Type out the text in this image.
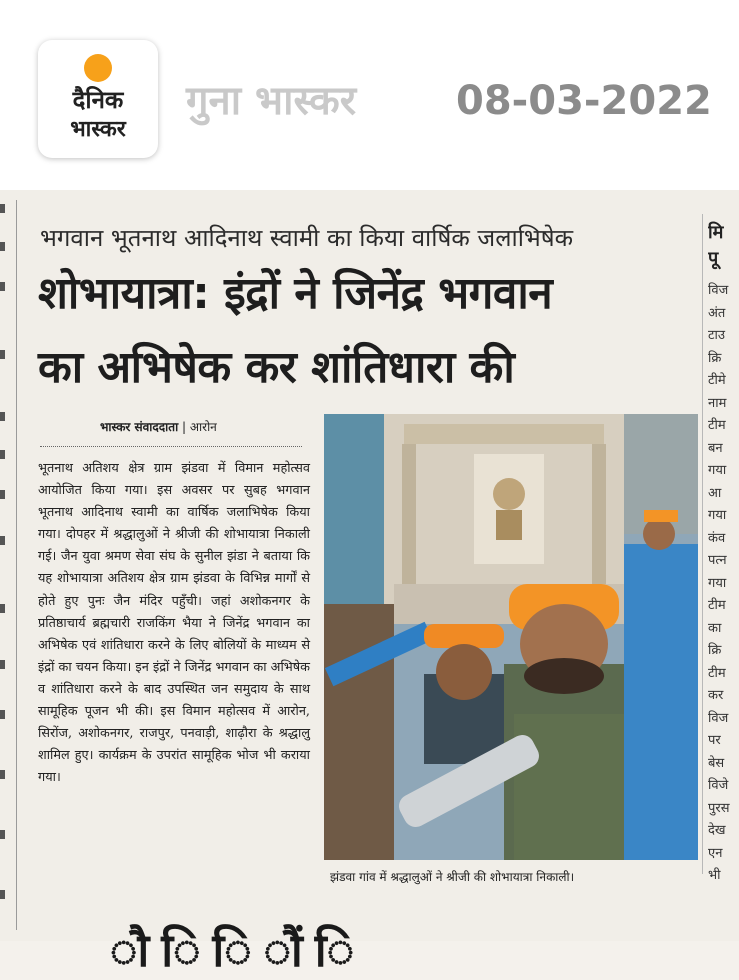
दैनिक
भास्कर
गुना भास्कर 08-03-2022
भगवान भूतनाथ आदिनाथ स्वामी का किया वार्षिक जलाभिषेक
शोभायात्रा: इंद्रों ने जिनेंद्र भगवान
का अभिषेक कर शांतिधारा की
भास्कर संवाददाता | आरोन
भूतनाथ अतिशय क्षेत्र ग्राम झंडवा में विमान महोत्सव आयोजित किया गया। इस अवसर पर सुबह भगवान भूतनाथ आदिनाथ स्वामी का वार्षिक जलाभिषेक किया गया। दोपहर में श्रद्धालुओं ने श्रीजी की शोभायात्रा निकाली गई। जैन युवा श्रमण सेवा संघ के सुनील झंडा ने बताया कि यह शोभायात्रा अतिशय क्षेत्र ग्राम झंडवा के विभिन्न मार्गों से होते हुए पुनः जैन मंदिर पहुँची। जहां अशोकनगर के प्रतिष्ठाचार्य ब्रह्मचारी राजकिंग भैया ने जिनेंद्र भगवान का अभिषेक एवं शांतिधारा करने के लिए बोलियों के माध्यम से इंद्रों का चयन किया। इन इंद्रों ने जिनेंद्र भगवान का अभिषेक व शांतिधारा करने के बाद उपस्थित जन समुदाय के साथ सामूहिक पूजन भी की। इस विमान महोत्सव में आरोन, सिरोंज, अशोकनगर, राजपुर, पनवाड़ी, शाढ़ौरा के श्रद्धालु शामिल हुए। कार्यक्रम के उपरांत सामूहिक भोज भी कराया गया।
झंडवा गांव में श्रद्धालुओं ने श्रीजी की शोभायात्रा निकाली।
मि
पू
विज
अंत
टाउ
क्रि
टीमे
नाम
टीम
बन
गया
आ
गया
कंव
पत्न
गया
टीम
का
क्रि
टीम
कर
विज
पर
बेस
विजे
पुरस
देख
एन
भी
ौ ि ि ौं ि
